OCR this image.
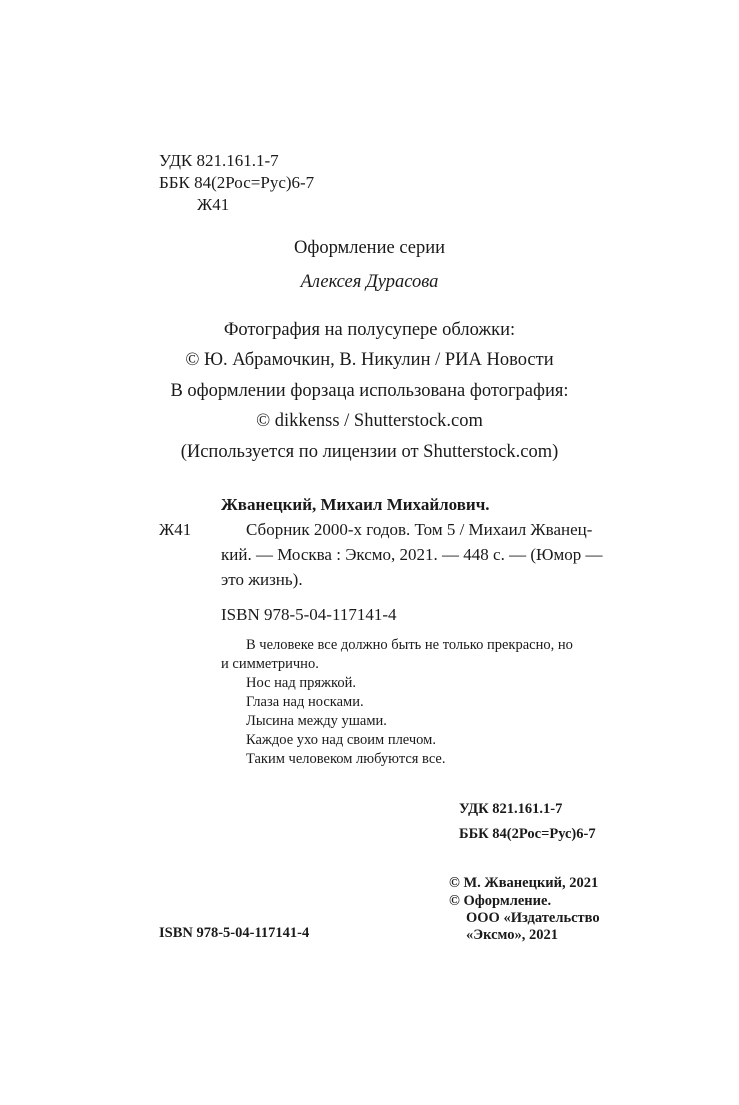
УДК 821.161.1-7
ББК 84(2Рос=Рус)6-7
Ж41
Оформление серии
Алексея Дурасова
Фотография на полусупере обложки:
© Ю. Абрамочкин, В. Никулин / РИА Новости
В оформлении форзаца использована фотография:
© dikkenss / Shutterstock.com
(Используется по лицензии от Shutterstock.com)
Жванецкий, Михаил Михайлович.
Ж41	Сборник 2000-х годов. Том 5 / Михаил Жванец-
кий. — Москва : Эксмо, 2021. — 448 с. — (Юмор —
это жизнь).
ISBN 978-5-04-117141-4
В человеке все должно быть не только прекрасно, но
и симметрично.
Нос над пряжкой.
Глаза над носками.
Лысина между ушами.
Каждое ухо над своим плечом.
Таким человеком любуются все.
УДК 821.161.1-7
ББК 84(2Рос=Рус)6-7
© М. Жванецкий, 2021
© Оформление.
ООО «Издательство
«Эксмо», 2021
ISBN 978-5-04-117141-4
